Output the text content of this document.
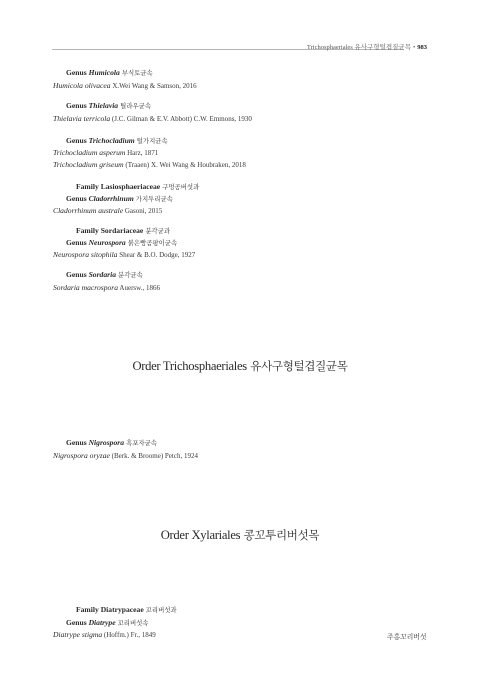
Trichosphaeriales 유사구형털겹질균목 • 983
Genus Humicola 부식토균속
Humicola olivacea X.Wei Wang & Samson, 2016
Genus Thielavia 틸라우균속
Thielavia terricola (J.C. Gilman & E.V. Abbott) C.W. Emmons, 1930
Genus Trichocladium 털가지균속
Trichocladium asperum Harz, 1871
Trichocladium griseum (Traaen) X. Wei Wang & Houbraken, 2018
Family Lasiosphaeriaceae 구멍공버섯과
Genus Cladorrhinum 가지투리균속
Cladorrhinum australe Gasoni, 2015
Family Sordariaceae 분각균과
Genus Neurospora 붉은빵곰팡이균속
Neurospora sitophila Shear & B.O. Dodge, 1927
Genus Sordaria 분각균속
Sordaria macrospora Auersw., 1866
Order Trichosphaeriales 유사구형털겹질균목
Genus Nigrospora 흑포자균속
Nigrospora oryzae (Berk. & Broome) Petch, 1924
Order Xylariales 콩꼬투리버섯목
Family Diatrypaceae 꼬리버섯과
Genus Diatrype 꼬리버섯속
Diatrype stigma (Hoffm.) Fr., 1849	주홍꼬리버섯
